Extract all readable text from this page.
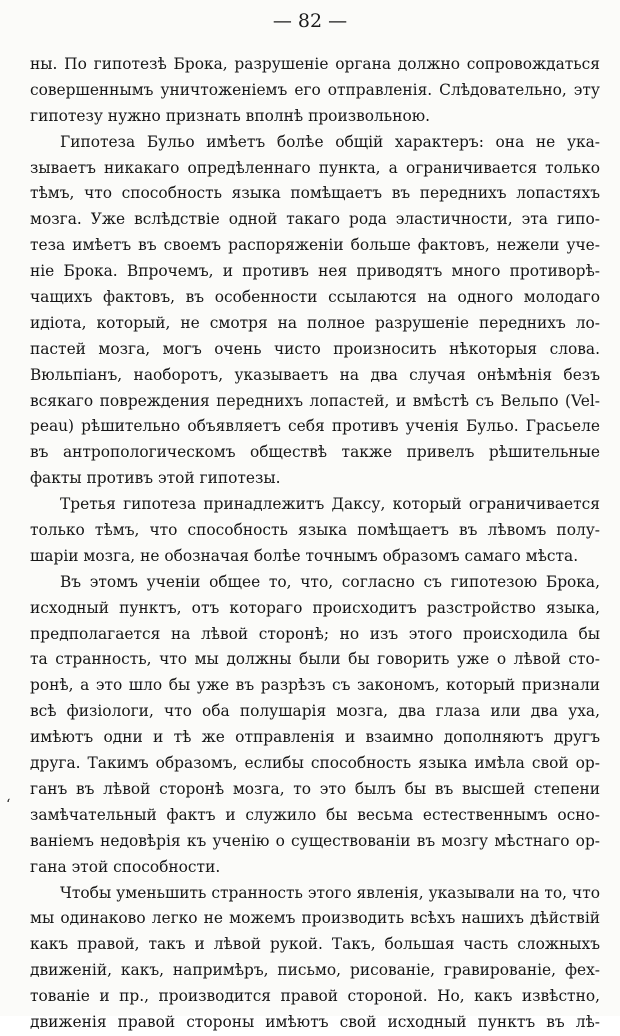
— 82 —
ʻ
ны. По гипотезѣ Брока, разрушеніе органа должно сопровождаться
совершеннымъ уничтоженіемъ его отправленія. Слѣдовательно, эту
гипотезу нужно признать вполнѣ произвольною.
Гипотеза Бульо имѣетъ болѣе общій характеръ: она не ука-
зываетъ никакаго опредѣленнаго пункта, а ограничивается только
тѣмъ, что способность языка помѣщаетъ въ переднихъ лопастяхъ
мозга. Уже вслѣдствіе одной такаго рода эластичности, эта гипо-
теза имѣетъ въ своемъ распоряженіи больше фактовъ, нежели уче-
ніе Брока. Впрочемъ, и противъ нея приводятъ много противорѣ-
чащихъ фактовъ, въ особенности ссылаются на одного молодаго
идіота, который, не смотря на полное разрушеніе переднихъ ло-
пастей мозга, могъ очень чисто произносить нѣкоторыя слова.
Вюльпіанъ, наоборотъ, указываетъ на два случая онѣмѣнія безъ
всякаго повреждения переднихъ лопастей, и вмѣстѣ съ Вельпо (Vel-
peau) рѣшительно объявляетъ себя противъ ученія Бульо. Грасьеле
въ антропологическомъ обществѣ также привелъ рѣшительные
факты противъ этой гипотезы.
Третья гипотеза принадлежитъ Даксу, который ограничивается
только тѣмъ, что способность языка помѣщаетъ въ лѣвомъ полу-
шаріи мозга, не обозначая болѣе точнымъ образомъ самаго мѣста.
Въ этомъ ученіи общее то, что, согласно съ гипотезою Брока,
исходный пунктъ, отъ котораго происходитъ разстройство языка,
предполагается на лѣвой сторонѣ; но изъ этого происходила бы
та странность, что мы должны были бы говорить уже о лѣвой сто-
ронѣ, а это шло бы уже въ разрѣзъ съ закономъ, который признали
всѣ физіологи, что оба полушарія мозга, два глаза или два уха,
имѣютъ одни и тѣ же отправленія и взаимно дополняютъ другъ
друга. Такимъ образомъ, еслибы способность языка имѣла свой ор-
ганъ въ лѣвой сторонѣ мозга, то это былъ бы въ высшей степени
замѣчательный фактъ и служило бы весьма естественнымъ осно-
ваніемъ недовѣрія къ ученію о существованіи въ мозгу мѣстнаго ор-
гана этой способности.
Чтобы уменьшить странность этого явленія, указывали на то, что
мы одинаково легко не можемъ производить всѣхъ нашихъ дѣйствій
какъ правой, такъ и лѣвой рукой. Такъ, большая часть сложныхъ
движеній, какъ, напримѣръ, письмо, рисованіе, гравированіе, фех-
тованіе и пр., производится правой стороной. Но, какъ извѣстно,
движенія правой стороны имѣютъ свой исходный пунктъ въ лѣ-
